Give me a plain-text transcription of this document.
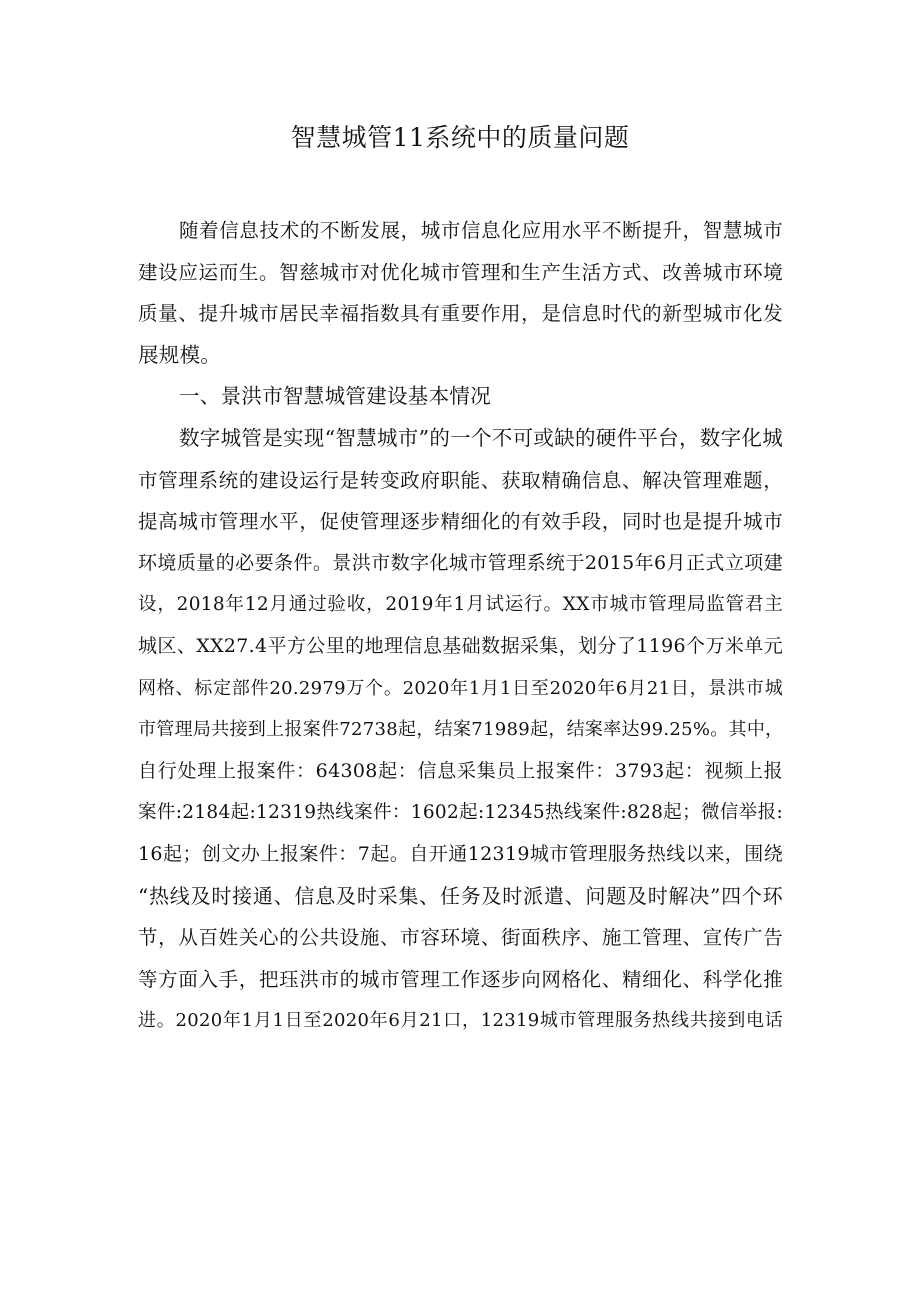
智慧城管11系统中的质量问题
随着信息技术的不断发展，城市信息化应用水平不断提升，智慧城市
建设应运而生。智慈城市对优化城市管理和生产生活方式、改善城市环境
质量、提升城市居民幸福指数具有重要作用，是信息时代的新型城市化发
展规模。
一、景洪市智慧城管建设基本情况
数字城管是实现“智慧城市”的一个不可或缺的硬件平台，数字化城
市管理系统的建设运行是转变政府职能、获取精确信息、解决管理难题，
提高城市管理水平，促使管理逐步精细化的有效手段，同时也是提升城市
环境质量的必要条件。景洪市数字化城市管理系统于2015年6月正式立项建
设，2018年12月通过验收，2019年1月试运行。XX市城市管理局监管君主
城区、XX27.4平方公里的地理信息基础数据采集，划分了1196个万米单元
网格、标定部件20.2979万个。2020年1月1日至2020年6月21日，景洪市城
市管理局共接到上报案件72738起，结案71989起，结案率达99.25%。其中，
自行处理上报案件：64308起：信息采集员上报案件：3793起：视频上报
案件:2184起:12319热线案件：1602起:12345热线案件:828起；微信举报:
16起；创文办上报案件：7起。自开通12319城市管理服务热线以来，围绕
“热线及时接通、信息及时采集、任务及时派遣、问题及时解决”四个环
节，从百姓关心的公共设施、市容环境、街面秩序、施工管理、宣传广告
等方面入手，把珏洪市的城市管理工作逐步向网格化、精细化、科学化推
进。2020年1月1日至2020年6月21口，12319城市管理服务热线共接到电话
